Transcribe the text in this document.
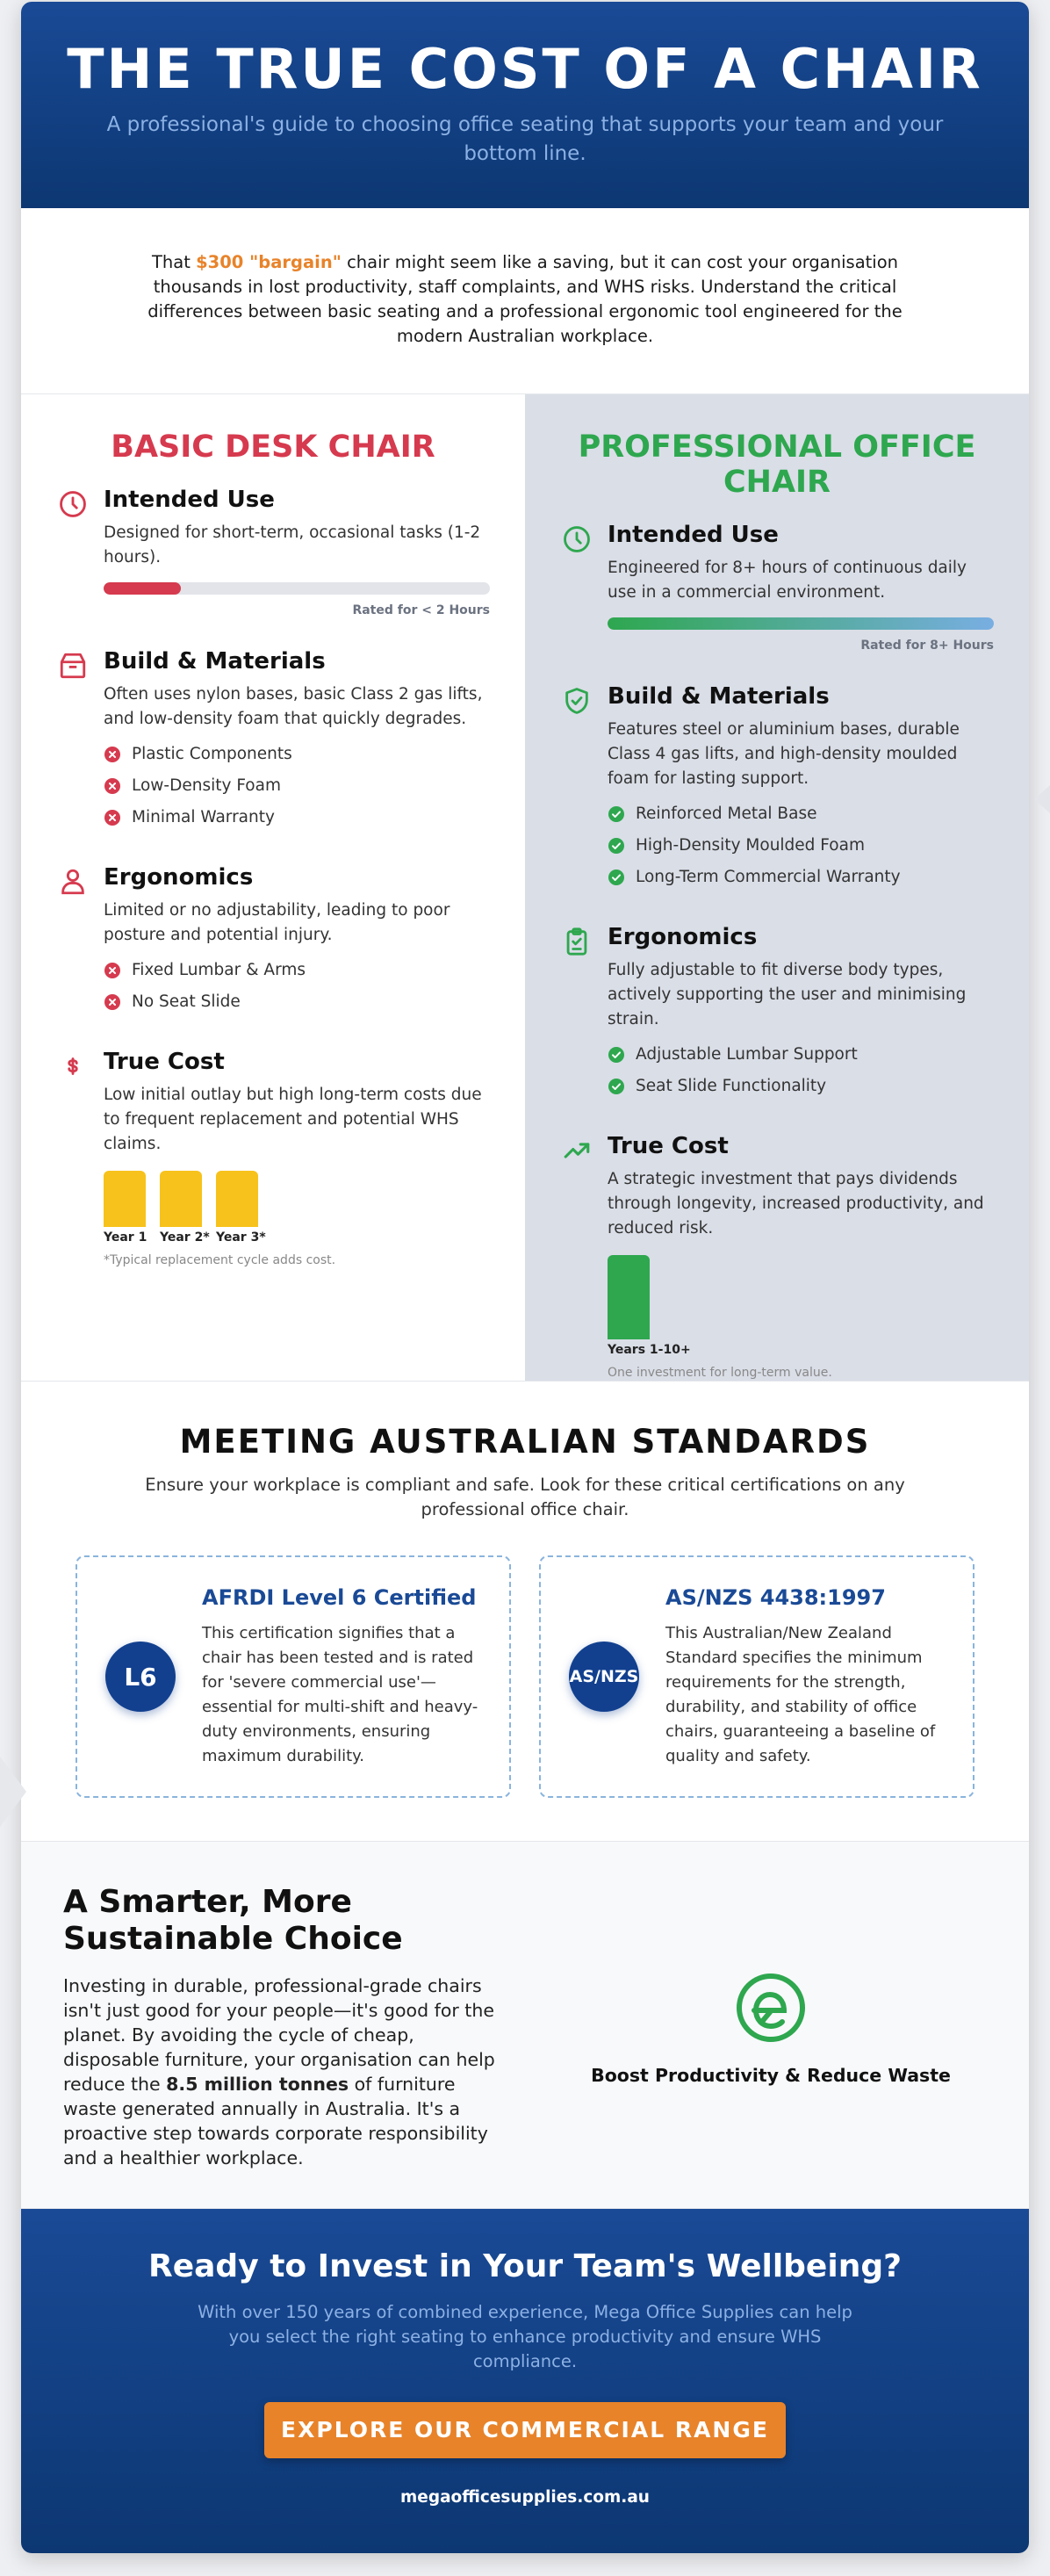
THE TRUE COST OF A CHAIR

A professional's guide to choosing office seating that supports your team and your bottom line.

That $300 "bargain" chair might seem like a saving, but it can cost your organisation thousands in lost productivity, staff complaints, and WHS risks. Understand the critical differences between basic seating and a professional ergonomic tool engineered for the modern Australian workplace.

BASIC DESK CHAIR
Intended Use
Designed for short-term, occasional tasks (1-2 hours).
Rated for < 2 Hours
Build & Materials
Often uses nylon bases, basic Class 2 gas lifts, and low-density foam that quickly degrades.
Plastic Components
Low-Density Foam
Minimal Warranty
Ergonomics
Limited or no adjustability, leading to poor posture and potential injury.
Fixed Lumbar & Arms
No Seat Slide
True Cost
Low initial outlay but high long-term costs due to frequent replacement and potential WHS claims.
Year 1	Year 2* Year 3*
*Typical replacement cycle adds cost.
PROFESSIONAL OFFICE CHAIR
Intended Use
Engineered for 8+ hours of continuous daily use in a commercial environment.
Rated for 8+ Hours
Build & Materials
Features steel or aluminium bases, durable Class 4 gas lifts, and high-density moulded foam for lasting support.
Reinforced Metal Base
High-Density Moulded Foam
Long-Term Commercial Warranty
Ergonomics
Fully adjustable to fit diverse body types, actively supporting the user and minimising strain.
Adjustable Lumbar Support
Seat Slide Functionality
True Cost
A strategic investment that pays dividends through longevity, increased productivity, and reduced risk.
Years 1-10+
One investment for long-term value.
MEETING AUSTRALIAN STANDARDS

Ensure your workplace is compliant and safe. Look for these critical certifications on any professional office chair.

L6
AFRDI Level 6 Certified

This certification signifies that a chair has been tested and is rated for 'severe commercial use'—essential for multi-shift and heavy-duty environments, ensuring maximum durability.

AS/NZS
AS/NZS 4438:1997

This Australian/New Zealand Standard specifies the minimum requirements for the strength, durability, and stability of office chairs, guaranteeing a baseline of quality and safety.

A Smarter, More Sustainable Choice

Investing in durable, professional-grade chairs isn't just good for your people—it's good for the planet. By avoiding the cycle of cheap, disposable furniture, your organisation can help reduce the 8.5 million tonnes of furniture waste generated annually in Australia. It's a proactive step towards corporate responsibility and a healthier workplace.

Boost Productivity & Reduce Waste
Ready to Invest in Your Team's Wellbeing?

With over 150 years of combined experience, Mega Office Supplies can help you select the right seating to enhance productivity and ensure WHS compliance.

EXPLORE OUR COMMERCIAL RANGE
megaofficesupplies.com.au
